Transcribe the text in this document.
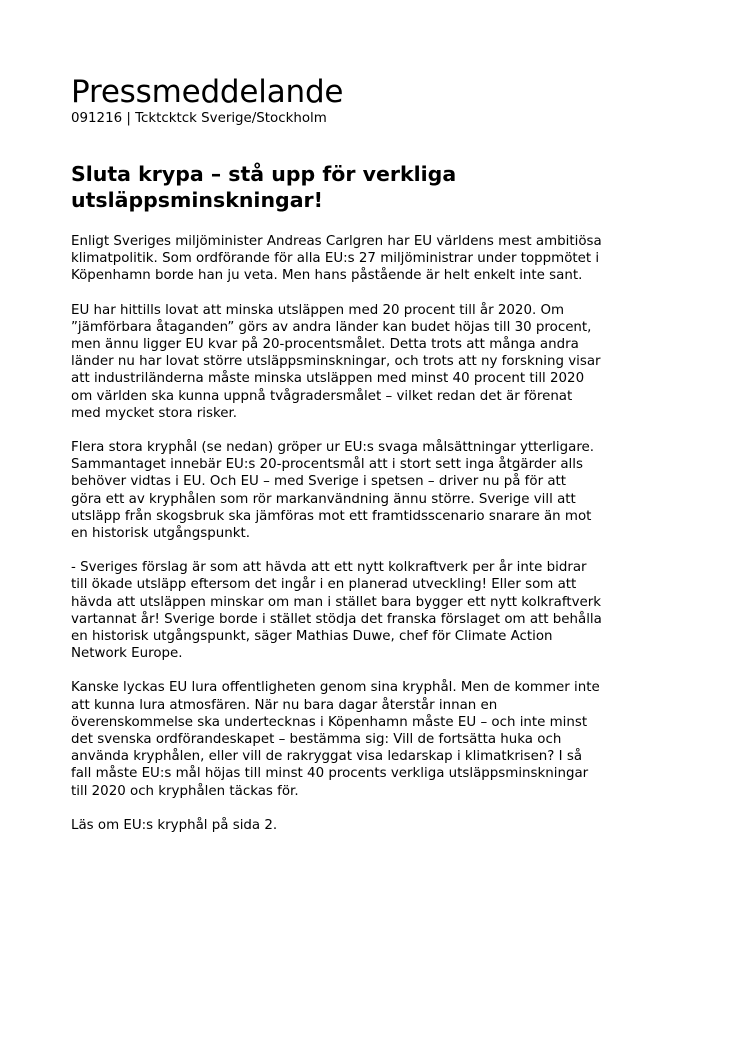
Pressmeddelande

091216 | Tcktcktck Sverige/Stockholm

Sluta krypa – stå upp för verkliga utsläppsminskningar!

Enligt Sveriges miljöminister Andreas Carlgren har EU världens mest ambitiösa
klimatpolitik. Som ordförande för alla EU:s 27 miljöministrar under toppmötet i
Köpenhamn borde han ju veta. Men hans påstående är helt enkelt inte sant.

EU har hittills lovat att minska utsläppen med 20 procent till år 2020. Om
”jämförbara åtaganden” görs av andra länder kan budet höjas till 30 procent,
men ännu ligger EU kvar på 20-procentsmålet. Detta trots att många andra
länder nu har lovat större utsläppsminskningar, och trots att ny forskning visar
att industriländerna måste minska utsläppen med minst 40 procent till 2020
om världen ska kunna uppnå tvågradersmålet – vilket redan det är förenat
med mycket stora risker.

Flera stora kryphål (se nedan) gröper ur EU:s svaga målsättningar ytterligare.
Sammantaget innebär EU:s 20-procentsmål att i stort sett inga åtgärder alls
behöver vidtas i EU. Och EU – med Sverige i spetsen – driver nu på för att
göra ett av kryphålen som rör markanvändning ännu större. Sverige vill att
utsläpp från skogsbruk ska jämföras mot ett framtidsscenario snarare än mot
en historisk utgångspunkt.

- Sveriges förslag är som att hävda att ett nytt kolkraftverk per år inte bidrar
till ökade utsläpp eftersom det ingår i en planerad utveckling! Eller som att
hävda att utsläppen minskar om man i stället bara bygger ett nytt kolkraftverk
vartannat år! Sverige borde i stället stödja det franska förslaget om att behålla
en historisk utgångspunkt, säger Mathias Duwe, chef för Climate Action
Network Europe.

Kanske lyckas EU lura offentligheten genom sina kryphål. Men de kommer inte
att kunna lura atmosfären. När nu bara dagar återstår innan en
överenskommelse ska undertecknas i Köpenhamn måste EU – och inte minst
det svenska ordförandeskapet – bestämma sig: Vill de fortsätta huka och
använda kryphålen, eller vill de rakryggat visa ledarskap i klimatkrisen? I så
fall måste EU:s mål höjas till minst 40 procents verkliga utsläppsminskningar
till 2020 och kryphålen täckas för.

Läs om EU:s kryphål på sida 2.
